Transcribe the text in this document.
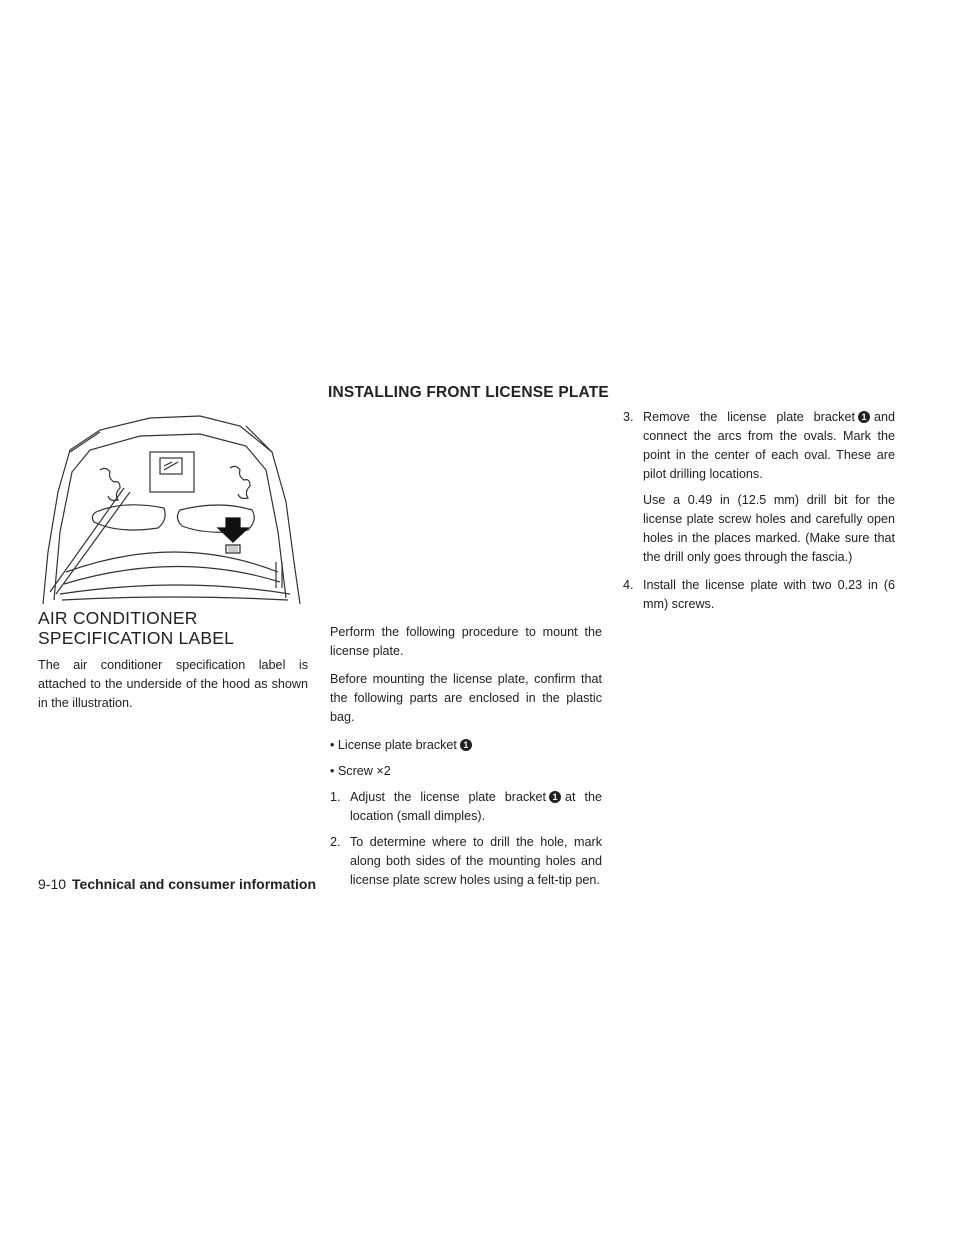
AIR CONDITIONER SPECIFICATION LABEL

The air conditioner specification label is attached to the underside of the hood as shown in the illustration.

INSTALLING FRONT LICENSE PLATE

Perform the following procedure to mount the license plate.

Before mounting the license plate, confirm that the following parts are enclosed in the plastic bag.

• License plate bracket 1
• Screw ×2
1. Adjust the license plate bracket 1 at the location (small dimples).
2. To determine where to drill the hole, mark along both sides of the mounting holes and license plate screw holes using a felt-tip pen.
3. Remove the license plate bracket 1 and connect the arcs from the ovals. Mark the point in the center of each oval. These are pilot drilling locations.

Use a 0.49 in (12.5 mm) drill bit for the license plate screw holes and carefully open holes in the places marked. (Make sure that the drill only goes through the fascia.)

4. Install the license plate with two 0.23 in (6 mm) screws.
9-10 Technical and consumer information
